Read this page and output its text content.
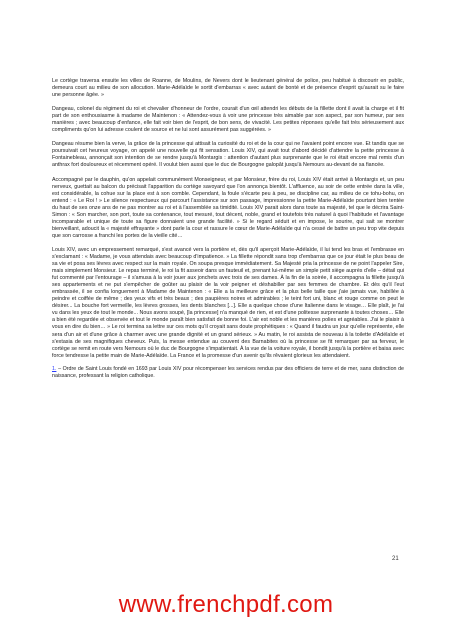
Le cortège traversa ensuite les villes de Roanne, de Moulins, de Nevers dont le lieutenant général de police, peu habitué à discourir en public, demeura court au milieu de son allocution. Marie-Adélaïde le sortit d'embarras « avec autant de bonté et de présence d'esprit qu'aurait su le faire une personne âgée. »

Dangeau, colonel du régiment du roi et chevalier d'honneur de l'ordre, courait d'un œil attendri les débuts de la fillette dont il avait la charge et il fit part de son enthousiasme à madame de Maintenon : « Attendez-vous à voir une princesse très aimable par son aspect, par son humeur, par ses manières ; avec beaucoup d'enfance, elle fait voir bien de l'esprit, de bon sens, de vivacité. Les petites réponses qu'elle fait très sérieusement aux compliments qu'on lui adresse coulent de source et ne lui sont assurément pas suggérées. »

Dangeau résume bien la verve, la grâce de la princesse qui attisait la curiosité du roi et de la cour qui ne l'avaient point encore vue. Et tandis que se poursuivait cet heureux voyage, on appelé une nouvelle qui fit sensation. Louis XIV, qui avait tout d'abord décidé d'attendre la petite princesse à Fontainebleau, annonçait son intention de se rendre jusqu'à Montargis : attention d'autant plus surprenante que le roi était encore mal remis d'un anthrax fort douloureux et récemment opéré. Il voulut bien aussi que le duc de Bourgogne galopât jusqu'à Nemours au-devant de sa fiancée.

Accompagné par le dauphin, qu'on appelait communément Monseigneur, et par Monsieur, frère du roi, Louis XIV était arrivé à Montargis et, un peu nerveux, guettait au balcon du précisait l'apparition du cortège savoyard que l'on annonça bientôt. L'affluence, au soir de cette entrée dans la ville, est considérable, la cohue sur la place est à son comble. Cependant, la foule s'écarte peu à peu, se discipline car, au milieu de ce tohu-bohu, on entend : « Le Roi ! » Le silence respectueux qui parcourt l'assistance sur son passage, impressionne la petite Marie-Adélaïde pourtant bien tentée du haut de ses onze ans de ne pas montrer au roi et à l'assemblée sa timidité. Louis XIV parait alors dans toute sa majesté, tel que le décrira Saint-Simon : « Son marcher, son port, toute sa contenance, tout mesuré, tout décent, noble, grand et toutefois très naturel à quoi l'habitude et l'avantage incomparable et unique de toute sa figure donnaient une grande facilité. » Si le regard séduit et en impose, le sourire, qui sait se montrer bienveillant, adoucit la « majesté effrayante » dont parle la cour et rassure le cœur de Marie-Adélaïde qui n'a cessé de battre un peu trop vite depuis que son carrosse a franchi les portes de la vieille cité…

Louis XIV, avec un empressement remarqué, s'est avancé vers la portière et, dès qu'il aperçoit Marie-Adélaïde, il lui tend les bras et l'embrasse en s'exclamant : « Madame, je vous attendais avec beaucoup d'impatience. » La fillette répondit sans trop d'embarras que ce jour était le plus beau de sa vie et posa ses lèvres avec respect sur la main royale. On soupa presque immédiatement. Sa Majesté pria la princesse de ne point l'appeler Sire, mais simplement Monsieur. Le repas terminé, le roi la fit asseoir dans un fauteuil et, prenant lui-même un simple petit siège auprès d'elle – détail qui fut commenté par l'entourage – il s'amusa à la voir jouer aux jonchets avec trois de ses dames. À la fin de la soirée, il accompagna la fillette jusqu'à ses appartements et ne put s'empêcher de goûter au plaisir de la voir peigner et déshabiller par ses femmes de chambre. Et dès qu'il l'eut embrassée, il se confia longuement à Madame de Maintenon : « Elle a la meilleure grâce et la plus belle taille que j'aie jamais vue, habillée à peindre et coiffée de même ; des yeux vifs et très beaux ; des paupières noires et admirables ; le teint fort uni, blanc et rouge comme on peut le désirer... La bouche fort vermeille, les lèvres grosses, les dents blanches [...]. Elle a quelque chose d'une Italienne dans le visage… Elle plaît, je l'ai vu dans les yeux de tout le monde... Nous avons soupé, [la princesse] n'a manqué de rien, et est d'une politesse surprenante à toutes choses… Elle a bien été regardée et observée et tout le monde paraît bien satisfait de bonne foi. L'air est noble et les manières polies et agréables. J'ai le plaisir à vous en dire du bien… » Le roi termina sa lettre sur ces mots qu'il croyait sans doute prophétiques : « Quand il faudra un jour qu'elle représente, elle sera d'un air et d'une grâce à charmer avec une grande dignité et un grand sérieux. » Au matin, le roi assista de nouveau à la toilette d'Adélaïde et s'extasia de ses magnifiques cheveux. Puis, la messe entendue au couvent des Barnabites où la princesse se fit remarquer par sa ferveur, le cortège se remit en route vers Nemours où le duc de Bourgogne s'impatientait. À la vue de la voiture royale, il bondit jusqu'à la portière et baisa avec force tendresse la petite main de Marie-Adélaïde. La France et la promesse d'un avenir qu'ils rêvaient glorieux les attendaient.

1. – Ordre de Saint Louis fondé en 1693 par Louis XIV pour récompenser les services rendus par des officiers de terre et de mer, sans distinction de naissance, professant la religion catholique.
21
www.frenchpdf.com
